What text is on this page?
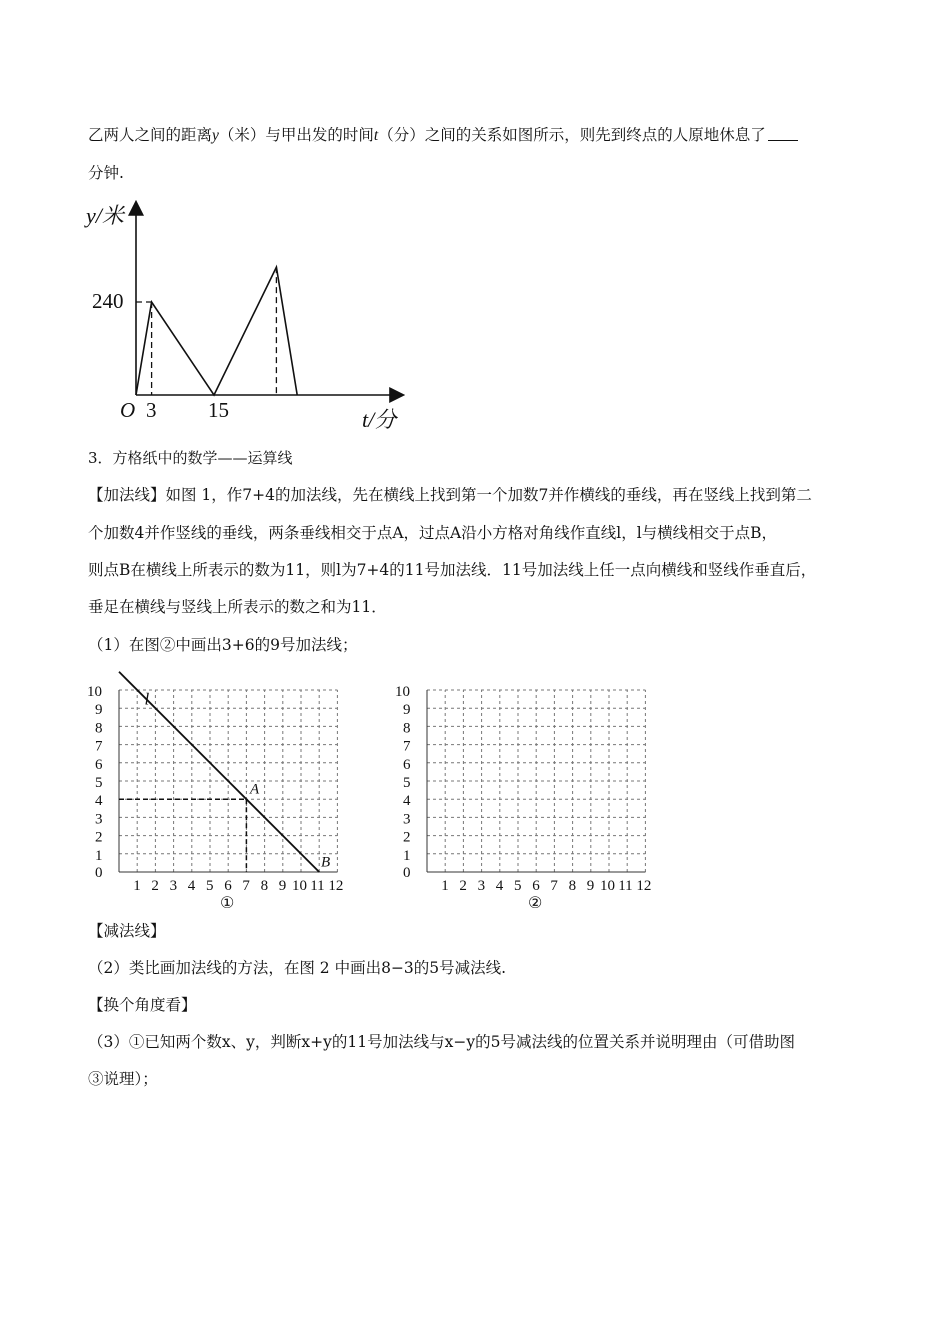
乙两人之间的距离y（米）与甲出发的时间t（分）之间的关系如图所示，则先到终点的人原地休息了
分钟.
y/米
t/分
O
240
3 15
3．方格纸中的数学——运算线
【加法线】如图 1，作7+4的加法线，先在横线上找到第一个加数7并作横线的垂线，再在竖线上找到第二
个加数4并作竖线的垂线，两条垂线相交于点A，过点A沿小方格对角线作直线l，l与横线相交于点B，
则点B在横线上所表示的数为11，则l为7+4的11号加法线．11号加法线上任一点向横线和竖线作垂直后，
垂足在横线与竖线上所表示的数之和为11．
（1）在图②中画出3+6的9号加法线；
0
1
2
3
4
5
6
7
8
9
10
1 2 3 4 5 6 7 8 9 10 11 12
l
A
B
①
0
1
2
3
4
5
6
7
8
9
10
1 2 3 4 5 6 7 8 9 10 11 12
②
【减法线】
（2）类比画加法线的方法，在图 2 中画出8−3的5号减法线.
【换个角度看】
（3）①已知两个数x、y，判断x+y的11号加法线与x−y的5号减法线的位置关系并说明理由（可借助图
③说理）；
